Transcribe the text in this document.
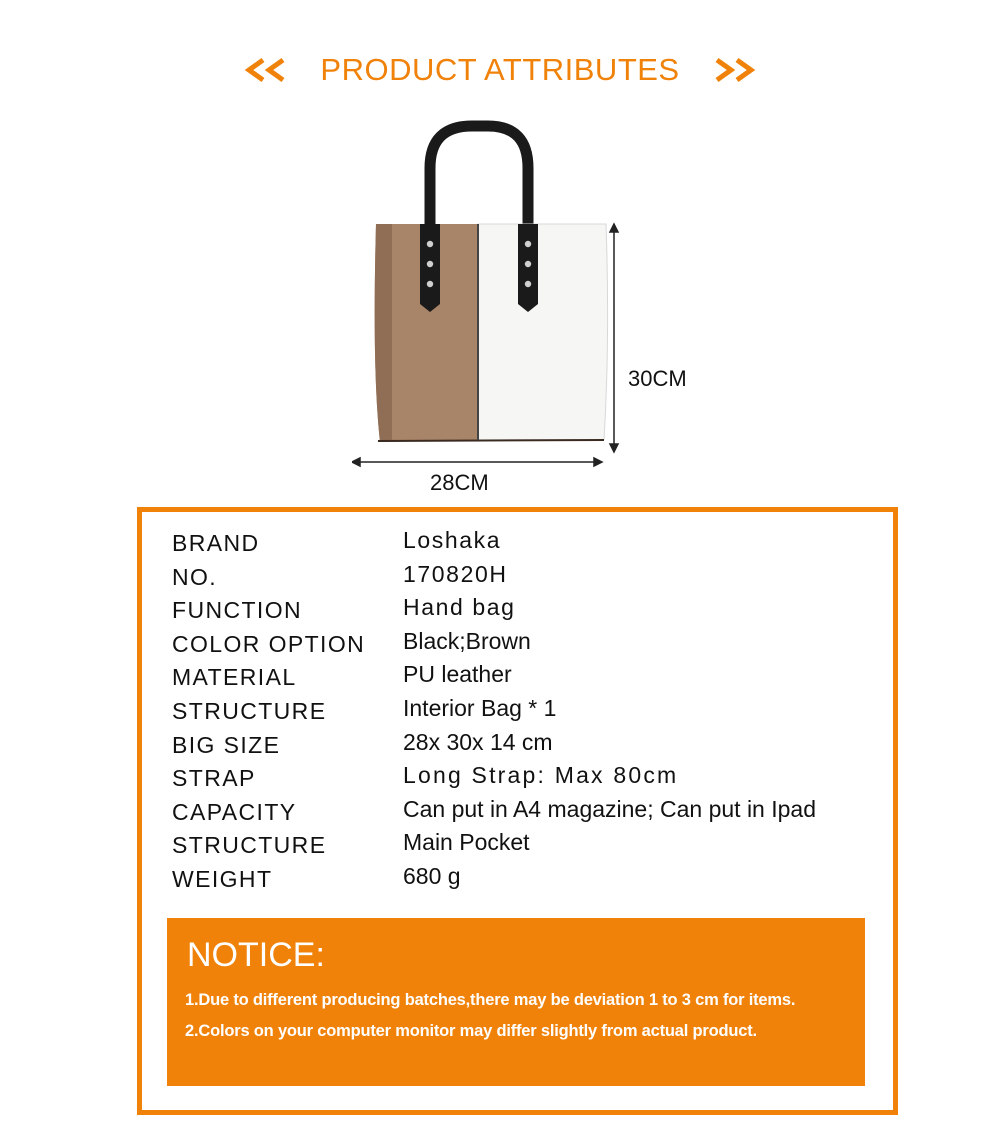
PRODUCT ATTRIBUTES
28CM
30CM
BRAND	Loshaka
NO.	170820H
FUNCTION	Hand bag
COLOR OPTION Black;Brown
MATERIAL	PU leather
STRUCTURE	Interior Bag * 1
BIG SIZE	28x 30x 14 cm
STRAP	Long Strap: Max 80cm
CAPACITY	Can put in A4 magazine; Can put in Ipad
STRUCTURE	Main Pocket
WEIGHT	680 g
NOTICE:

1.Due to different producing batches,there may be deviation 1 to 3 cm for items.

2.Colors on your computer monitor may differ slightly from actual product.
